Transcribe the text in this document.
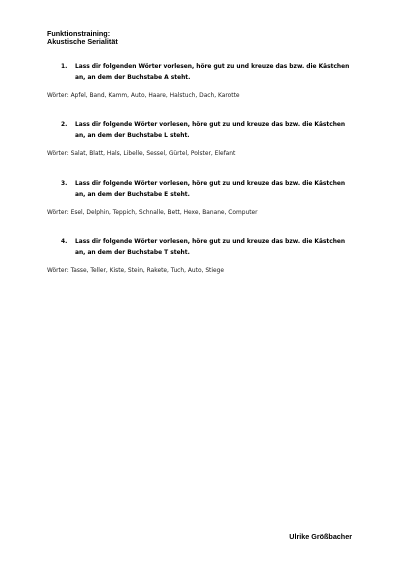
Funktionstraining:
Akustische Serialität
1. Lass dir folgenden Wörter vorlesen, höre gut zu und kreuze das bzw. die Kästchen
an, an dem der Buchstabe A steht.
Wörter: Apfel, Band, Kamm, Auto, Haare, Halstuch, Dach, Karotte
2. Lass dir folgende Wörter vorlesen, höre gut zu und kreuze das bzw. die Kästchen
an, an dem der Buchstabe L steht.
Wörter: Salat, Blatt, Hals, Libelle, Sessel, Gürtel, Polster, Elefant
3. Lass dir folgende Wörter vorlesen, höre gut zu und kreuze das bzw. die Kästchen
an, an dem der Buchstabe E steht.
Wörter: Esel, Delphin, Teppich, Schnalle, Bett, Hexe, Banane, Computer
4. Lass dir folgende Wörter vorlesen, höre gut zu und kreuze das bzw. die Kästchen
an, an dem der Buchstabe T steht.
Wörter: Tasse, Teller, Kiste, Stein, Rakete, Tuch, Auto, Stiege
Ulrike Größbacher
